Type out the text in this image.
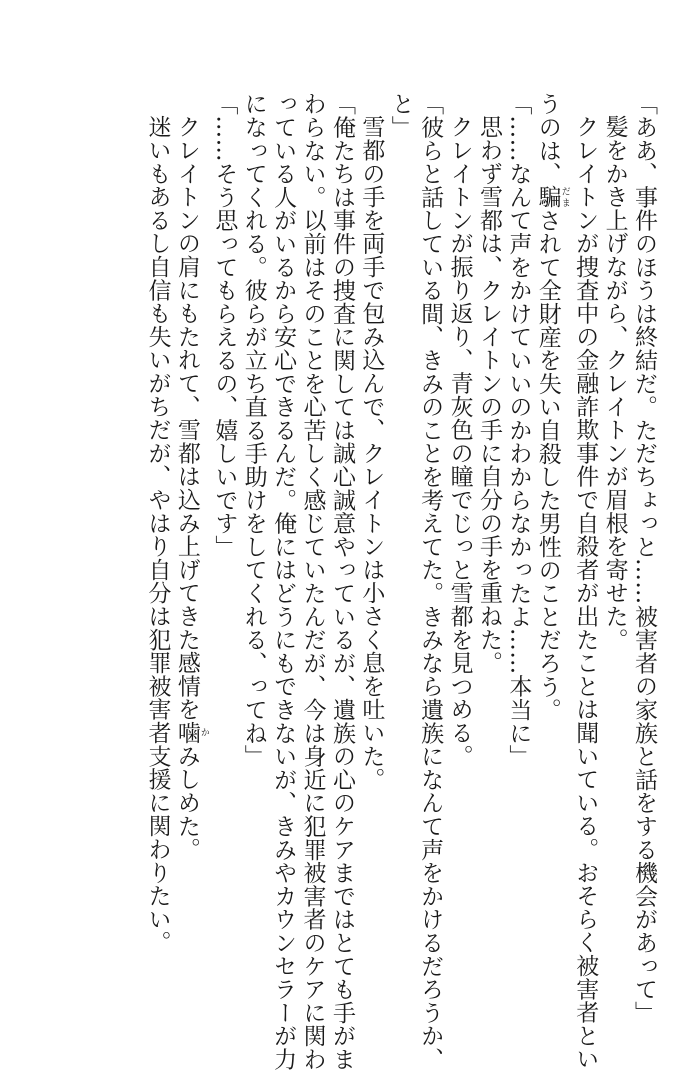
「ああ、事件のほうは終結だ。ただちょっと……被害者の家族と話をする機会があって」
髪をかき上げながら、クレイトンが眉根を寄せた。
クレイトンが捜査中の金融詐欺事件で自殺者が出たことは聞いている。おそらく被害者とい
うのは、騙 だまされて全財産を失い自殺した男性のことだろう。
「……なんて声をかけていいのかわからなかったよ……本当に」
思わず雪都は、クレイトンの手に自分の手を重ねた。
クレイトンが振り返り、青灰色の瞳でじっと雪都を見つめる。
「彼らと話している間、きみのことを考えてた。きみなら遺族になんて声をかけるだろうか、
と」
雪都の手を両手で包み込んで、クレイトンは小さく息を吐いた。
「俺たちは事件の捜査に関しては誠心誠意やっているが、遺族の心のケアまではとても手がま
わらない。以前はそのことを心苦しく感じていたんだが、今は身近に犯罪被害者のケアに関わ
っている人がいるから安心できるんだ。俺にはどうにもできないが、きみやカウンセラーが力
になってくれる。彼らが立ち直る手助けをしてくれる、ってね」
「……そう思ってもらえるの、嬉しいです」
クレイトンの肩にもたれて、雪都は込み上げてきた感情を噛 かみしめた。
迷いもあるし自信も失いがちだが、やはり自分は犯罪被害者支援に関わりたい。
